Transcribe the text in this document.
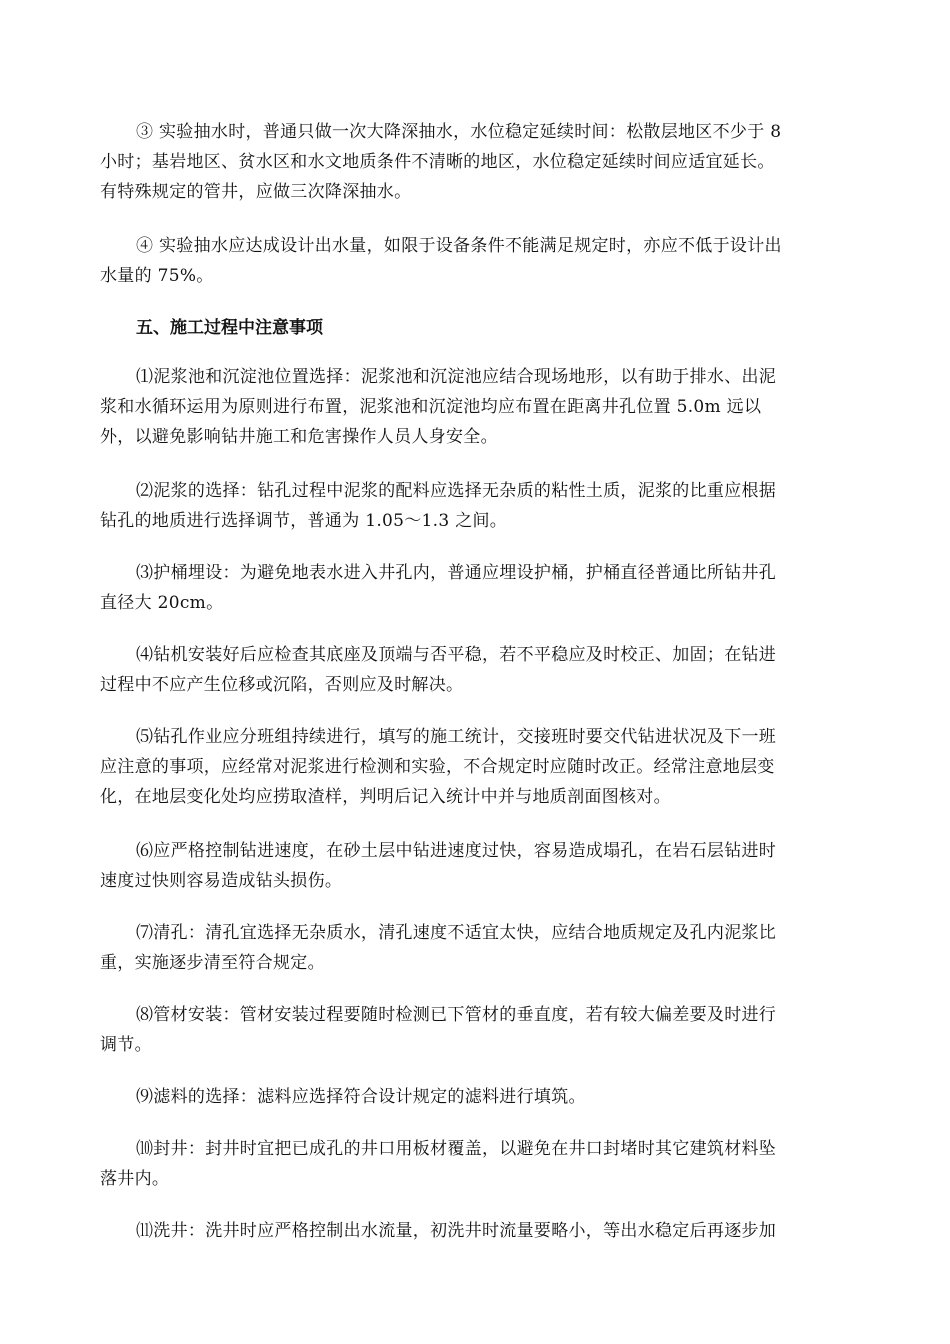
③ 实验抽水时，普通只做一次大降深抽水，水位稳定延续时间：松散层地区不少于 8
小时；基岩地区、贫水区和水文地质条件不清晰的地区，水位稳定延续时间应适宜延长。
有特殊规定的管井，应做三次降深抽水。

④ 实验抽水应达成设计出水量，如限于设备条件不能满足规定时，亦应不低于设计出
水量的 75%。

五、施工过程中注意事项

⑴泥浆池和沉淀池位置选择：泥浆池和沉淀池应结合现场地形，以有助于排水、出泥
浆和水循环运用为原则进行布置，泥浆池和沉淀池均应布置在距离井孔位置 5.0m 远以
外，以避免影响钻井施工和危害操作人员人身安全。

⑵泥浆的选择：钻孔过程中泥浆的配料应选择无杂质的粘性土质，泥浆的比重应根据
钻孔的地质进行选择调节，普通为 1.05～1.3 之间。

⑶护桶埋设：为避免地表水进入井孔内，普通应埋设护桶，护桶直径普通比所钻井孔
直径大 20cm。

⑷钻机安装好后应检查其底座及顶端与否平稳，若不平稳应及时校正、加固；在钻进
过程中不应产生位移或沉陷，否则应及时解决。

⑸钻孔作业应分班组持续进行，填写的施工统计，交接班时要交代钻进状况及下一班
应注意的事项，应经常对泥浆进行检测和实验，不合规定时应随时改正。经常注意地层变
化，在地层变化处均应捞取渣样，判明后记入统计中并与地质剖面图核对。

⑹应严格控制钻进速度，在砂土层中钻进速度过快，容易造成塌孔，在岩石层钻进时
速度过快则容易造成钻头损伤。

⑺清孔：清孔宜选择无杂质水，清孔速度不适宜太快，应结合地质规定及孔内泥浆比
重，实施逐步清至符合规定。

⑻管材安装：管材安装过程要随时检测已下管材的垂直度，若有较大偏差要及时进行
调节。

⑼滤料的选择：滤料应选择符合设计规定的滤料进行填筑。

⑽封井：封井时宜把已成孔的井口用板材覆盖，以避免在井口封堵时其它建筑材料坠
落井内。

⑾洗井：洗井时应严格控制出水流量，初洗井时流量要略小，等出水稳定后再逐步加
